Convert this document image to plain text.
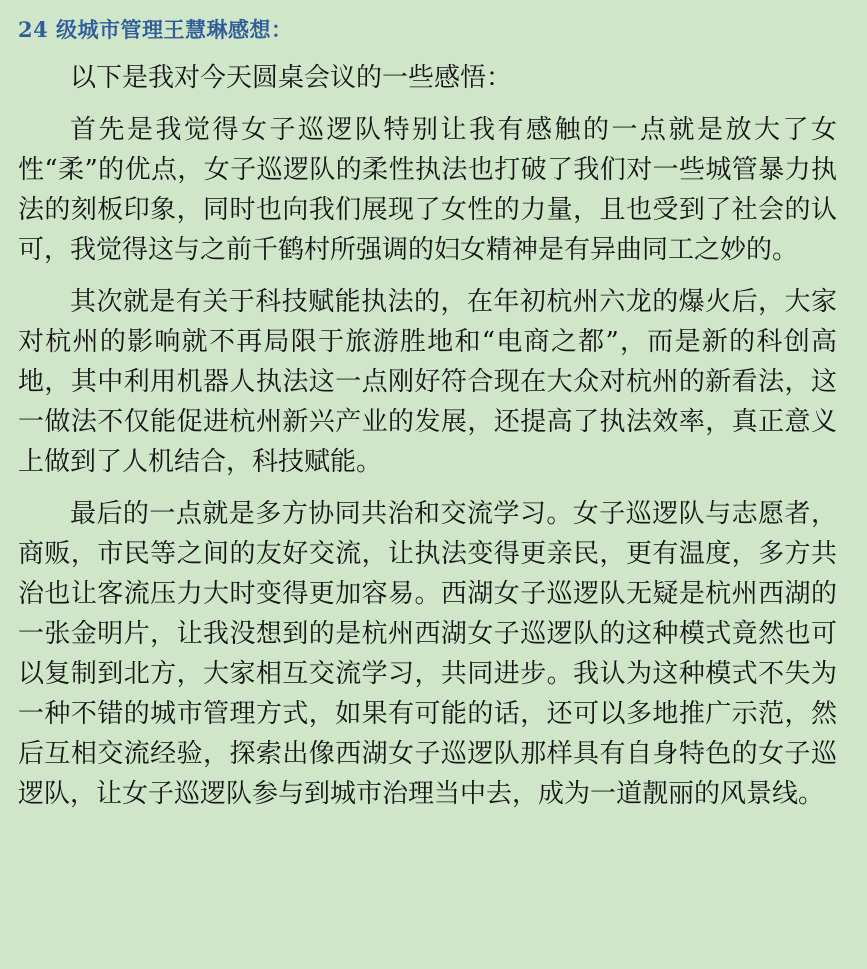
24 级城市管理王慧琳感想：

以下是我对今天圆桌会议的一些感悟：

首先是我觉得女子巡逻队特别让我有感触的一点就是放大了女性“柔”的优点，女子巡逻队的柔性执法也打破了我们对一些城管暴力执法的刻板印象，同时也向我们展现了女性的力量，且也受到了社会的认可，我觉得这与之前千鹤村所强调的妇女精神是有异曲同工之妙的。

其次就是有关于科技赋能执法的，在年初杭州六龙的爆火后，大家对杭州的影响就不再局限于旅游胜地和“电商之都”，而是新的科创高地，其中利用机器人执法这一点刚好符合现在大众对杭州的新看法，这一做法不仅能促进杭州新兴产业的发展，还提高了执法效率，真正意义上做到了人机结合，科技赋能。

最后的一点就是多方协同共治和交流学习。女子巡逻队与志愿者，商贩，市民等之间的友好交流，让执法变得更亲民，更有温度，多方共治也让客流压力大时变得更加容易。西湖女子巡逻队无疑是杭州西湖的一张金明片，让我没想到的是杭州西湖女子巡逻队的这种模式竟然也可以复制到北方，大家相互交流学习，共同进步。我认为这种模式不失为一种不错的城市管理方式，如果有可能的话，还可以多地推广示范，然后互相交流经验，探索出像西湖女子巡逻队那样具有自身特色的女子巡逻队，让女子巡逻队参与到城市治理当中去，成为一道靓丽的风景线。
